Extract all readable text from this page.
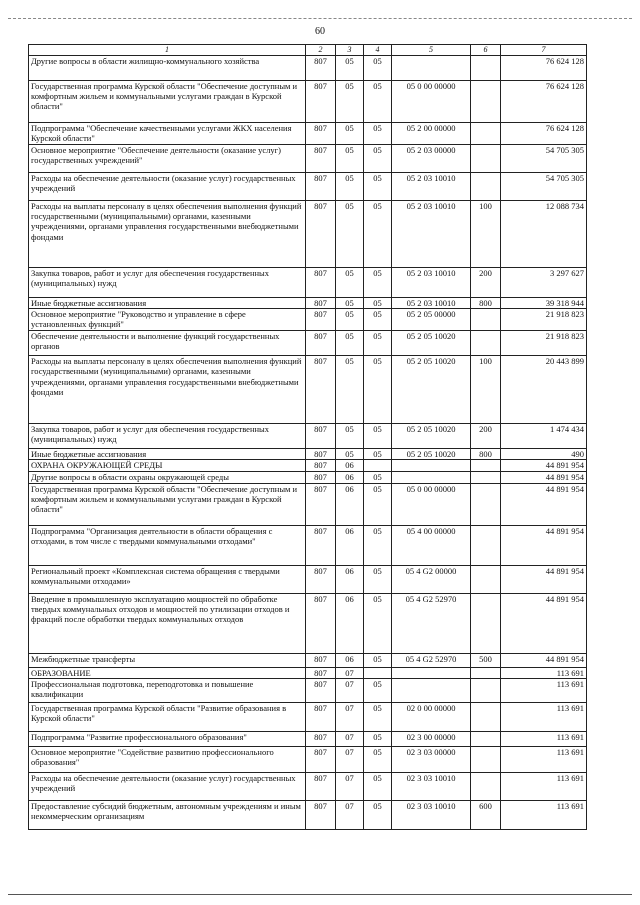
60
1	2	3	4	5	6	7
Другие вопросы в области жилищно-коммунального хозяйства	807	05	05			76 624 128
Государственная программа Курской области "Обеспечение доступным и комфортным жильем и коммунальными услугами граждан в Курской области"	807	05	05	05 0 00 00000		76 624 128
Подпрограмма "Обеспечение качественными услугами ЖКХ населения Курской области"	807	05	05	05 2 00 00000		76 624 128
Основное мероприятие "Обеспечение деятельности (оказание услуг) государственных учреждений"	807	05	05	05 2 03 00000		54 705 305
Расходы на обеспечение деятельности (оказание услуг) государственных учреждений	807	05	05	05 2 03 10010		54 705 305
Расходы на выплаты персоналу в целях обеспечения выполнения функций государственными (муниципальными) органами, казенными учреждениями, органами управления государственными внебюджетными фондами	807	05	05	05 2 03 10010	100	12 088 734
Закупка товаров, работ и услуг для обеспечения государственных (муниципальных) нужд	807	05	05	05 2 03 10010	200	3 297 627
Иные бюджетные ассигнования	807	05	05	05 2 03 10010	800	39 318 944
Основное мероприятие "Руководство и управление в сфере установленных функций"	807	05	05	05 2 05 00000		21 918 823
Обеспечение деятельности и выполнение функций государственных органов	807	05	05	05 2 05 10020		21 918 823
Расходы на выплаты персоналу в целях обеспечения выполнения функций государственными (муниципальными) органами, казенными учреждениями, органами управления государственными внебюджетными фондами	807	05	05	05 2 05 10020	100	20 443 899
Закупка товаров, работ и услуг для обеспечения государственных (муниципальных) нужд	807	05	05	05 2 05 10020	200	1 474 434
Иные бюджетные ассигнования	807	05	05	05 2 05 10020	800	490
ОХРАНА ОКРУЖАЮЩЕЙ СРЕДЫ	807	06				44 891 954
Другие вопросы в области охраны окружающей среды	807	06	05			44 891 954
Государственная программа Курской области "Обеспечение доступным и комфортным жильем и коммунальными услугами граждан в Курской области"	807	06	05	05 0 00 00000		44 891 954
Подпрограмма "Организация деятельности в области обращения с отходами, в том числе с твердыми коммунальными отходами"	807	06	05	05 4 00 00000		44 891 954
Региональный проект «Комплексная система обращения с твердыми коммунальными отходами»	807	06	05	05 4 G2 00000		44 891 954
Введение в промышленную эксплуатацию мощностей по обработке твердых коммунальных отходов и мощностей по утилизации отходов и фракций после обработки твердых коммунальных отходов	807	06	05	05 4 G2 52970		44 891 954
Межбюджетные трансферты	807	06	05	05 4 G2 52970	500	44 891 954
ОБРАЗОВАНИЕ	807	07				113 691
Профессиональная подготовка, переподготовка и повышение квалификации	807	07	05			113 691
Государственная программа Курской области "Развитие образования в Курской области"	807	07	05	02 0 00 00000		113 691
Подпрограмма "Развитие профессионального образования"	807	07	05	02 3 00 00000		113 691
Основное мероприятие "Содействие развитию профессионального образования"	807	07	05	02 3 03 00000		113 691
Расходы на обеспечение деятельности (оказание услуг) государственных учреждений	807	07	05	02 3 03 10010		113 691
Предоставление субсидий бюджетным, автономным учреждениям и иным некоммерческим организациям	807	07	05	02 3 03 10010	600	113 691
